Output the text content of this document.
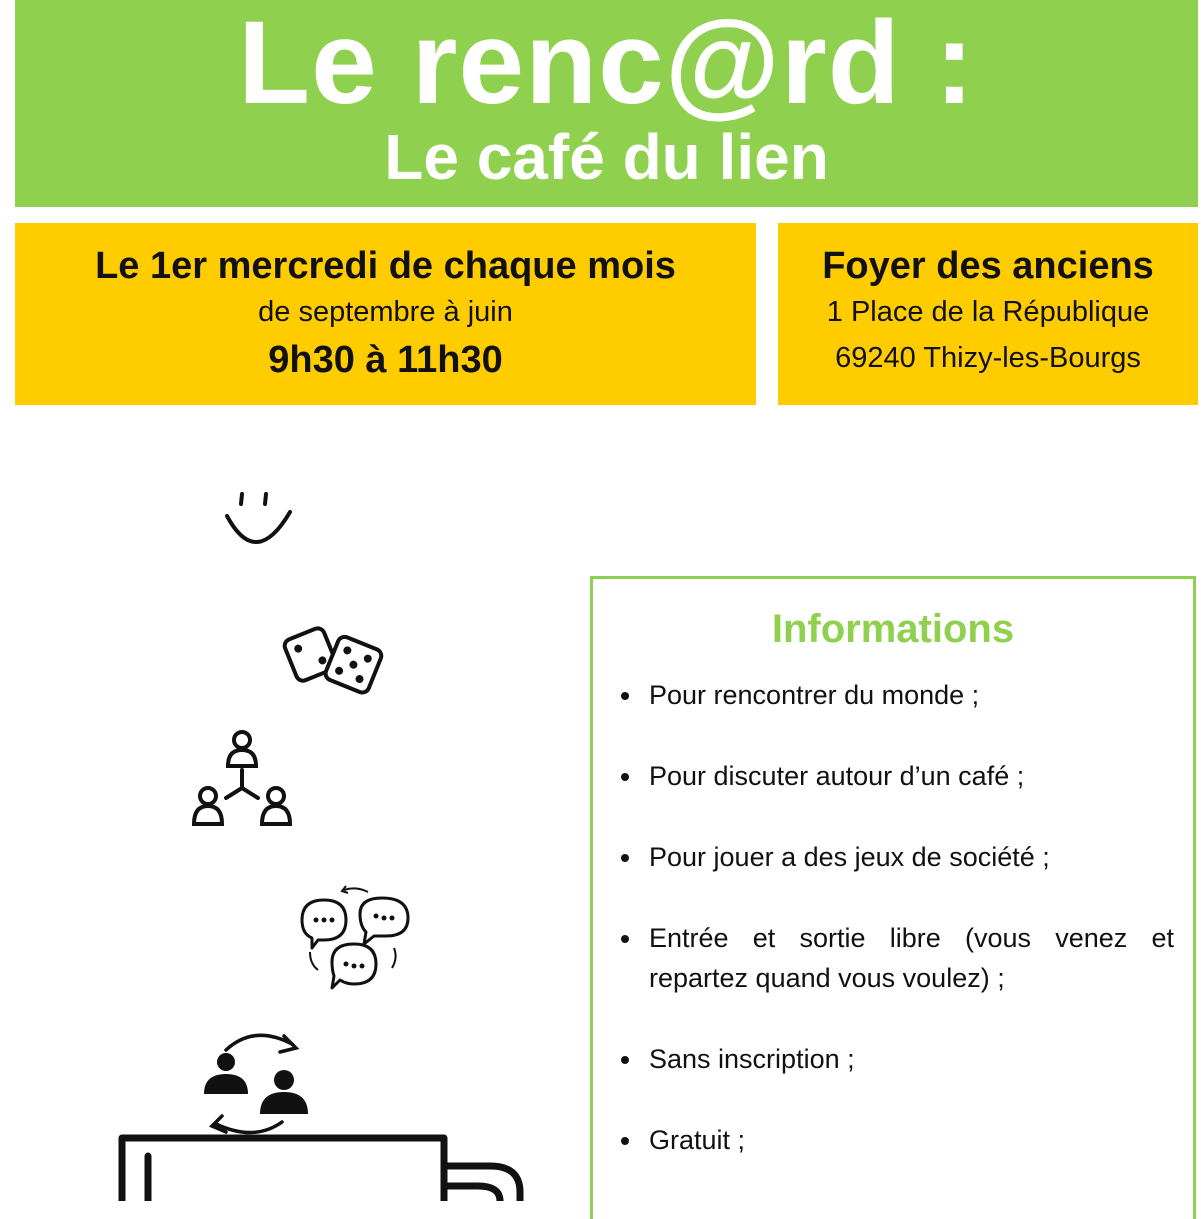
Le renc@rd :
Le café du lien
Le 1er mercredi de chaque mois
de septembre à juin
9h30 à 11h30
Foyer des anciens
1 Place de la République
69240 Thizy-les-Bourgs
Informations
Pour rencontrer du monde ;
Pour discuter autour d’un café ;
Pour jouer a des jeux de société ;
Entrée et sortie libre (vous venez et repartez quand vous voulez) ;
Sans inscription ;
Gratuit ;
